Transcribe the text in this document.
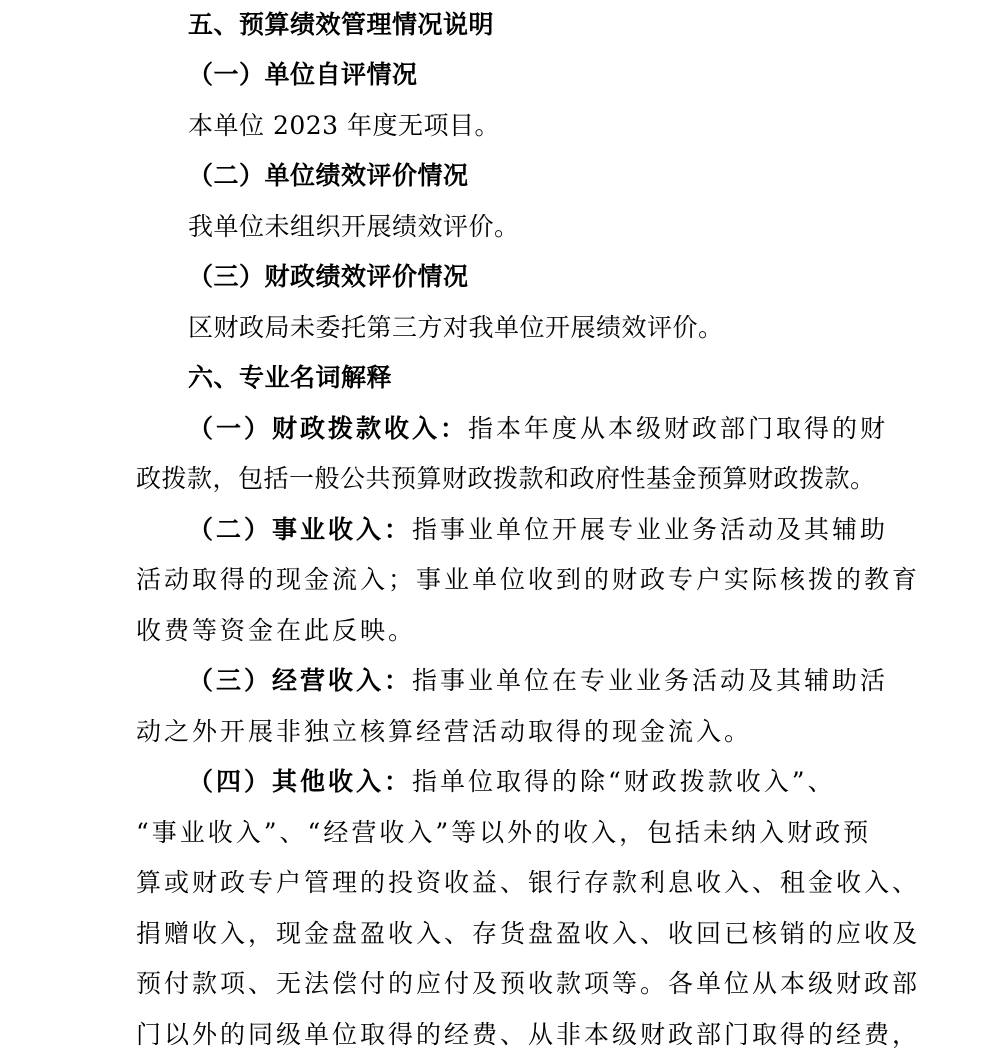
五、预算绩效管理情况说明

（一）单位自评情况

本单位 2023 年度无项目。

（二）单位绩效评价情况

我单位未组织开展绩效评价。

（三）财政绩效评价情况

区财政局未委托第三方对我单位开展绩效评价。

六、专业名词解释

（一）财政拨款收入：指本年度从本级财政部门取得的财

政拨款，包括一般公共预算财政拨款和政府性基金预算财政拨款。

（二）事业收入：指事业单位开展专业业务活动及其辅助

活动取得的现金流入；事业单位收到的财政专户实际核拨的教育

收费等资金在此反映。

（三）经营收入：指事业单位在专业业务活动及其辅助活

动之外开展非独立核算经营活动取得的现金流入。

（四）其他收入：指单位取得的除“财政拨款收入”、

“事业收入”、“经营收入”等以外的收入，包括未纳入财政预

算或财政专户管理的投资收益、银行存款利息收入、租金收入、

捐赠收入，现金盘盈收入、存货盘盈收入、收回已核销的应收及

预付款项、无法偿付的应付及预收款项等。各单位从本级财政部

门以外的同级单位取得的经费、从非本级财政部门取得的经费，
